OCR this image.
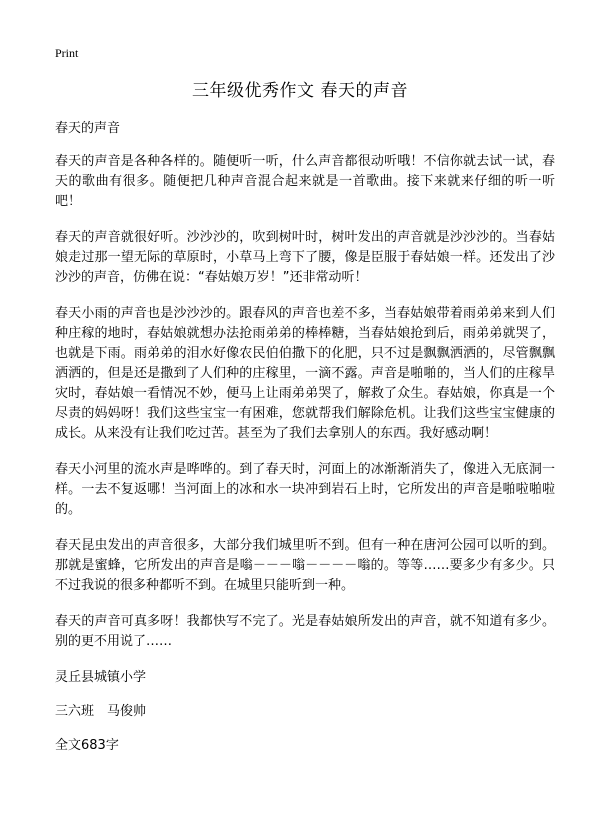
Print
三年级优秀作文 春天的声音

春天的声音

春天的声音是各种各样的。随便听一听，什么声音都很动听哦！不信你就去试一试，春天的歌曲有很多。随便把几种声音混合起来就是一首歌曲。接下来就来仔细的听一听吧！

春天的声音就很好听。沙沙沙的，吹到树叶时，树叶发出的声音就是沙沙沙的。当春姑娘走过那一望无际的草原时，小草马上弯下了腰，像是臣服于春姑娘一样。还发出了沙沙沙的声音，仿佛在说：“春姑娘万岁！”还非常动听！

春天小雨的声音也是沙沙沙的。跟春风的声音也差不多，当春姑娘带着雨弟弟来到人们种庄稼的地时，春姑娘就想办法抢雨弟弟的棒棒糖，当春姑娘抢到后，雨弟弟就哭了，也就是下雨。雨弟弟的泪水好像农民伯伯撒下的化肥，只不过是飘飘洒洒的，尽管飘飘洒洒的，但是还是撒到了人们种的庄稼里，一滴不露。声音是啪啪的，当人们的庄稼旱灾时，春姑娘一看情况不妙，便马上让雨弟弟哭了，解救了众生。春姑娘，你真是一个尽责的妈妈呀！我们这些宝宝一有困难，您就帮我们解除危机。让我们这些宝宝健康的成长。从来没有让我们吃过苦。甚至为了我们去拿别人的东西。我好感动啊！

春天小河里的流水声是哗哗的。到了春天时，河面上的冰渐渐消失了，像进入无底洞一样。一去不复返哪！当河面上的冰和水一块冲到岩石上时，它所发出的声音是啪啦啪啦的。

春天昆虫发出的声音很多，大部分我们城里听不到。但有一种在唐河公园可以听的到。那就是蜜蜂，它所发出的声音是嗡－－－嗡－－－－嗡的。等等……要多少有多少。只不过我说的很多种都听不到。在城里只能听到一种。

春天的声音可真多呀！我都快写不完了。光是春姑娘所发出的声音，就不知道有多少。别的更不用说了……

灵丘县城镇小学

三六班　马俊帅

全文683字
